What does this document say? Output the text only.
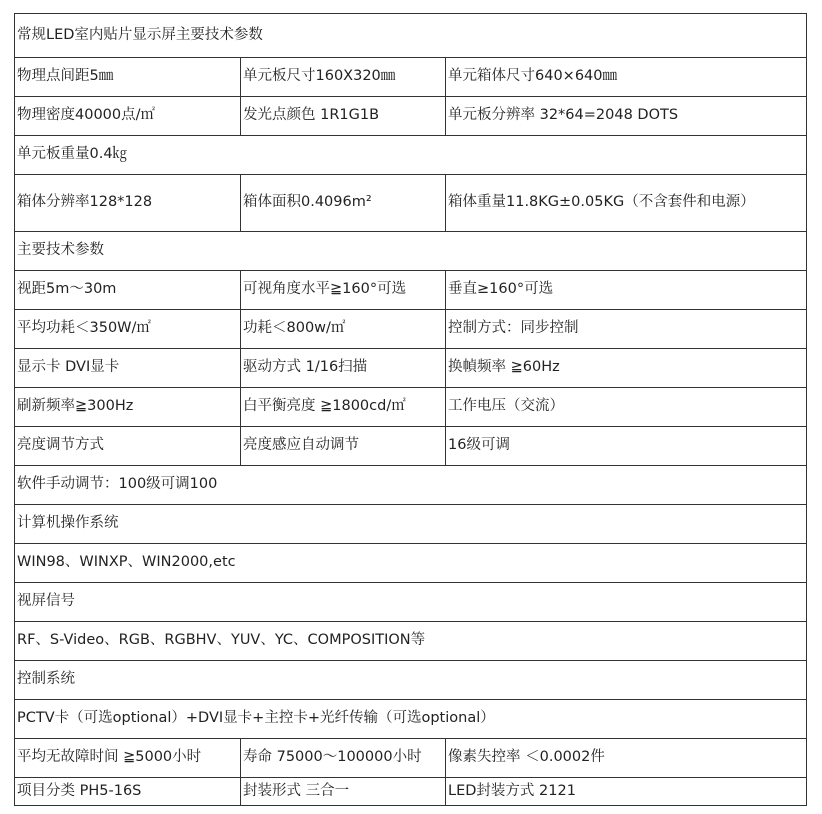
常规LED室内贴片显示屏主要技术参数		
物理点间距5㎜	单元板尺寸160X320㎜	单元箱体尺寸640×640㎜
物理密度40000点/㎡	发光点颜色 1R1G1B	单元板分辨率 32*64=2048 DOTS
单元板重量0.4㎏		
箱体分辨率128*128	箱体面积0.4096m²	箱体重量11.8KG±0.05KG（不含套件和电源）
主要技术参数		
视距5m～30m	可视角度水平≧160°可选	垂直≥160°可选
平均功耗＜350W/㎡	功耗＜800w/㎡	控制方式：同步控制
显示卡 DVI显卡	驱动方式 1/16扫描	换幀频率 ≧60Hz
刷新频率≧300Hz	白平衡亮度 ≧1800cd/㎡	工作电压（交流）
亮度调节方式	亮度感应自动调节	16级可调
软件手动调节：100级可调100		
计算机操作系统		
WIN98、WINXP、WIN2000,etc		
视屏信号		
RF、S-Video、RGB、RGBHV、YUV、YC、COMPOSITION等		
控制系统		
PCTV卡（可选optional）+DVI显卡+主控卡+光纤传输（可选optional）		
平均无故障时间 ≧5000小时	寿命 75000～100000小时	像素失控率 ＜0.0002件
项目分类 PH5-16S	封装形式 三合一	LED封装方式 2121
